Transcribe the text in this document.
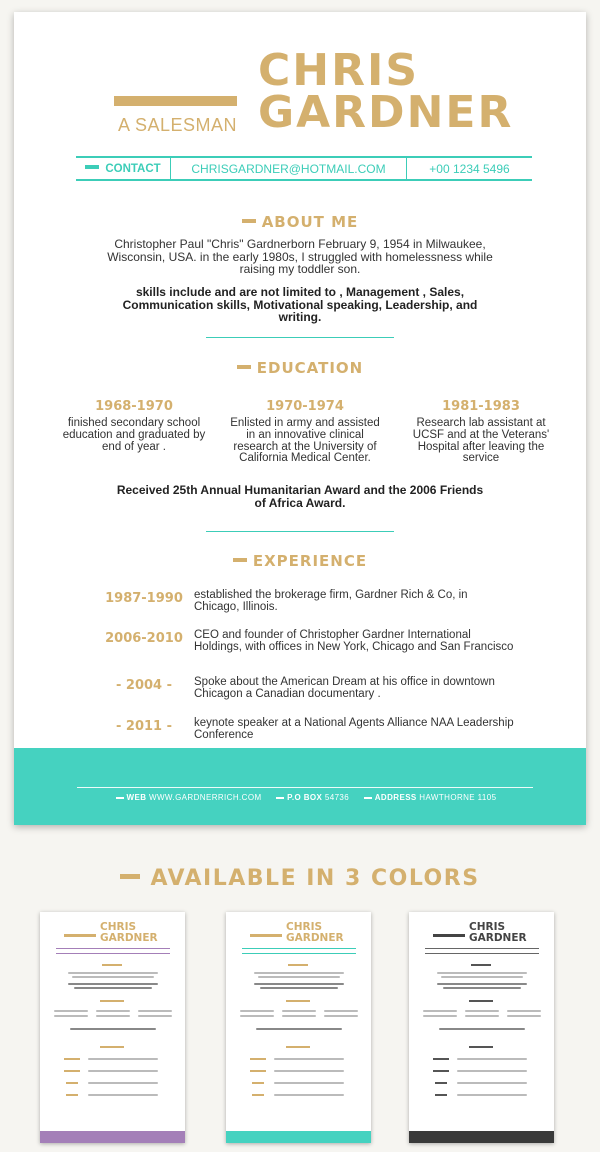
A SALESMAN
CHRIS
GARDNER
CONTACT	CHRISGARDNER@HOTMAIL.COM	+00 1234 5496
ABOUT ME
Christopher Paul "Chris" Gardnerborn February 9, 1954 in Milwaukee, Wisconsin, USA. in the early 1980s, I struggled with homelessness while raising my toddler son.
skills include and are not limited to , Management , Sales, Communication skills, Motivational speaking, Leadership, and writing.
EDUCATION
1968-1970
finished secondary school education and graduated by end of year .
1970-1974
Enlisted in army and assisted in an innovative clinical research at the University of California Medical Center.
1981-1983
Research lab assistant at UCSF and at the Veterans' Hospital after leaving the service
Received 25th Annual Humanitarian Award and the 2006 Friends of Africa Award.
EXPERIENCE
1987-1990 established the brokerage firm, Gardner Rich & Co, in Chicago, Illinois.
2006-2010 CEO and founder of Christopher Gardner International Holdings, with offices in New York, Chicago and San Francisco
- 2004 -	Spoke about the American Dream at his office in downtown Chicagon a Canadian documentary .
- 2011 -	keynote speaker at a National Agents Alliance NAA Leadership Conference
WEB WWW.GARDNERRICH.COM	P.O BOX 54736	ADDRESS HAWTHORNE 1105
AVAILABLE IN 3 COLORS
CHRIS
GARDNER
CHRIS
GARDNER
CHRIS
GARDNER
